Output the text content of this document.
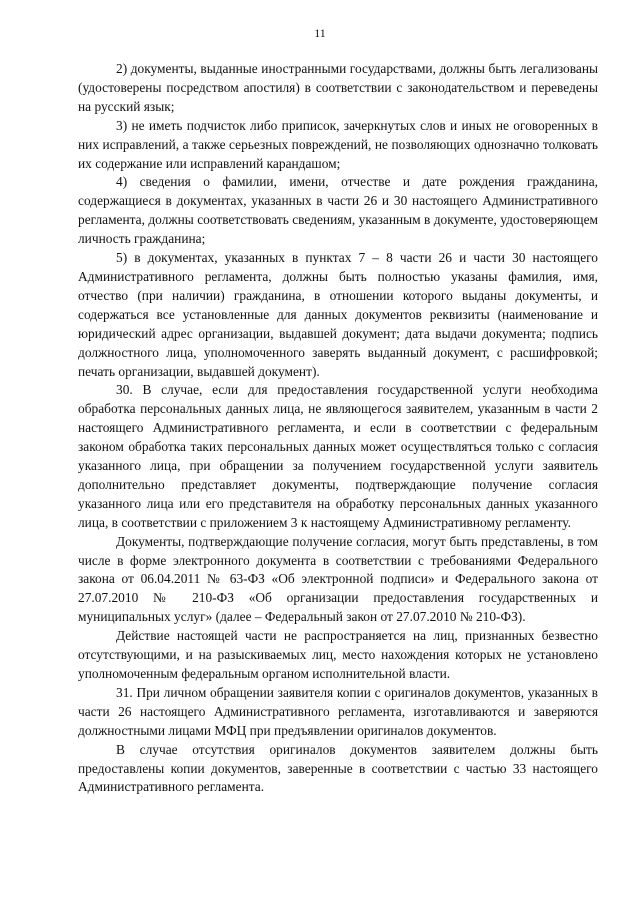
11

2) документы, выданные иностранными государствами, должны быть легализованы (удостоверены посредством апостиля) в соответствии с законодательством и переведены на русский язык;

3) не иметь подчисток либо приписок, зачеркнутых слов и иных не оговоренных в них исправлений, а также серьезных повреждений, не позволяющих однозначно толковать их содержание или исправлений карандашом;

4) сведения о фамилии, имени, отчестве и дате рождения гражданина, содержащиеся в документах, указанных в части 26 и 30 настоящего Административного регламента, должны соответствовать сведениям, указанным в документе, удостоверяющем личность гражданина;

5) в документах, указанных в пунктах 7 – 8 части 26 и части 30 настоящего Административного регламента, должны быть полностью указаны фамилия, имя, отчество (при наличии) гражданина, в отношении которого выданы документы, и содержаться все установленные для данных документов реквизиты (наименование и юридический адрес организации, выдавшей документ; дата выдачи документа; подпись должностного лица, уполномоченного заверять выданный документ, с расшифровкой; печать организации, выдавшей документ).

30. В случае, если для предоставления государственной услуги необходима обработка персональных данных лица, не являющегося заявителем, указанным в части 2 настоящего Административного регламента, и если в соответствии с федеральным законом обработка таких персональных данных может осуществляться только с согласия указанного лица, при обращении за получением государственной услуги заявитель дополнительно представляет документы, подтверждающие получение согласия указанного лица или его представителя на обработку персональных данных указанного лица, в соответствии с приложением 3 к настоящему Административному регламенту.

Документы, подтверждающие получение согласия, могут быть представлены, в том числе в форме электронного документа в соответствии с требованиями Федерального закона от 06.04.2011 № 63-ФЗ «Об электронной подписи» и Федерального закона от 27.07.2010 № 210-ФЗ «Об организации предоставления государственных и муниципальных услуг» (далее – Федеральный закон от 27.07.2010 № 210-ФЗ).

Действие настоящей части не распространяется на лиц, признанных безвестно отсутствующими, и на разыскиваемых лиц, место нахождения которых не установлено уполномоченным федеральным органом исполнительной власти.

31. При личном обращении заявителя копии с оригиналов документов, указанных в части 26 настоящего Административного регламента, изготавливаются и заверяются должностными лицами МФЦ при предъявлении оригиналов документов.

В случае отсутствия оригиналов документов заявителем должны быть предоставлены копии документов, заверенные в соответствии с частью 33 настоящего Административного регламента.
